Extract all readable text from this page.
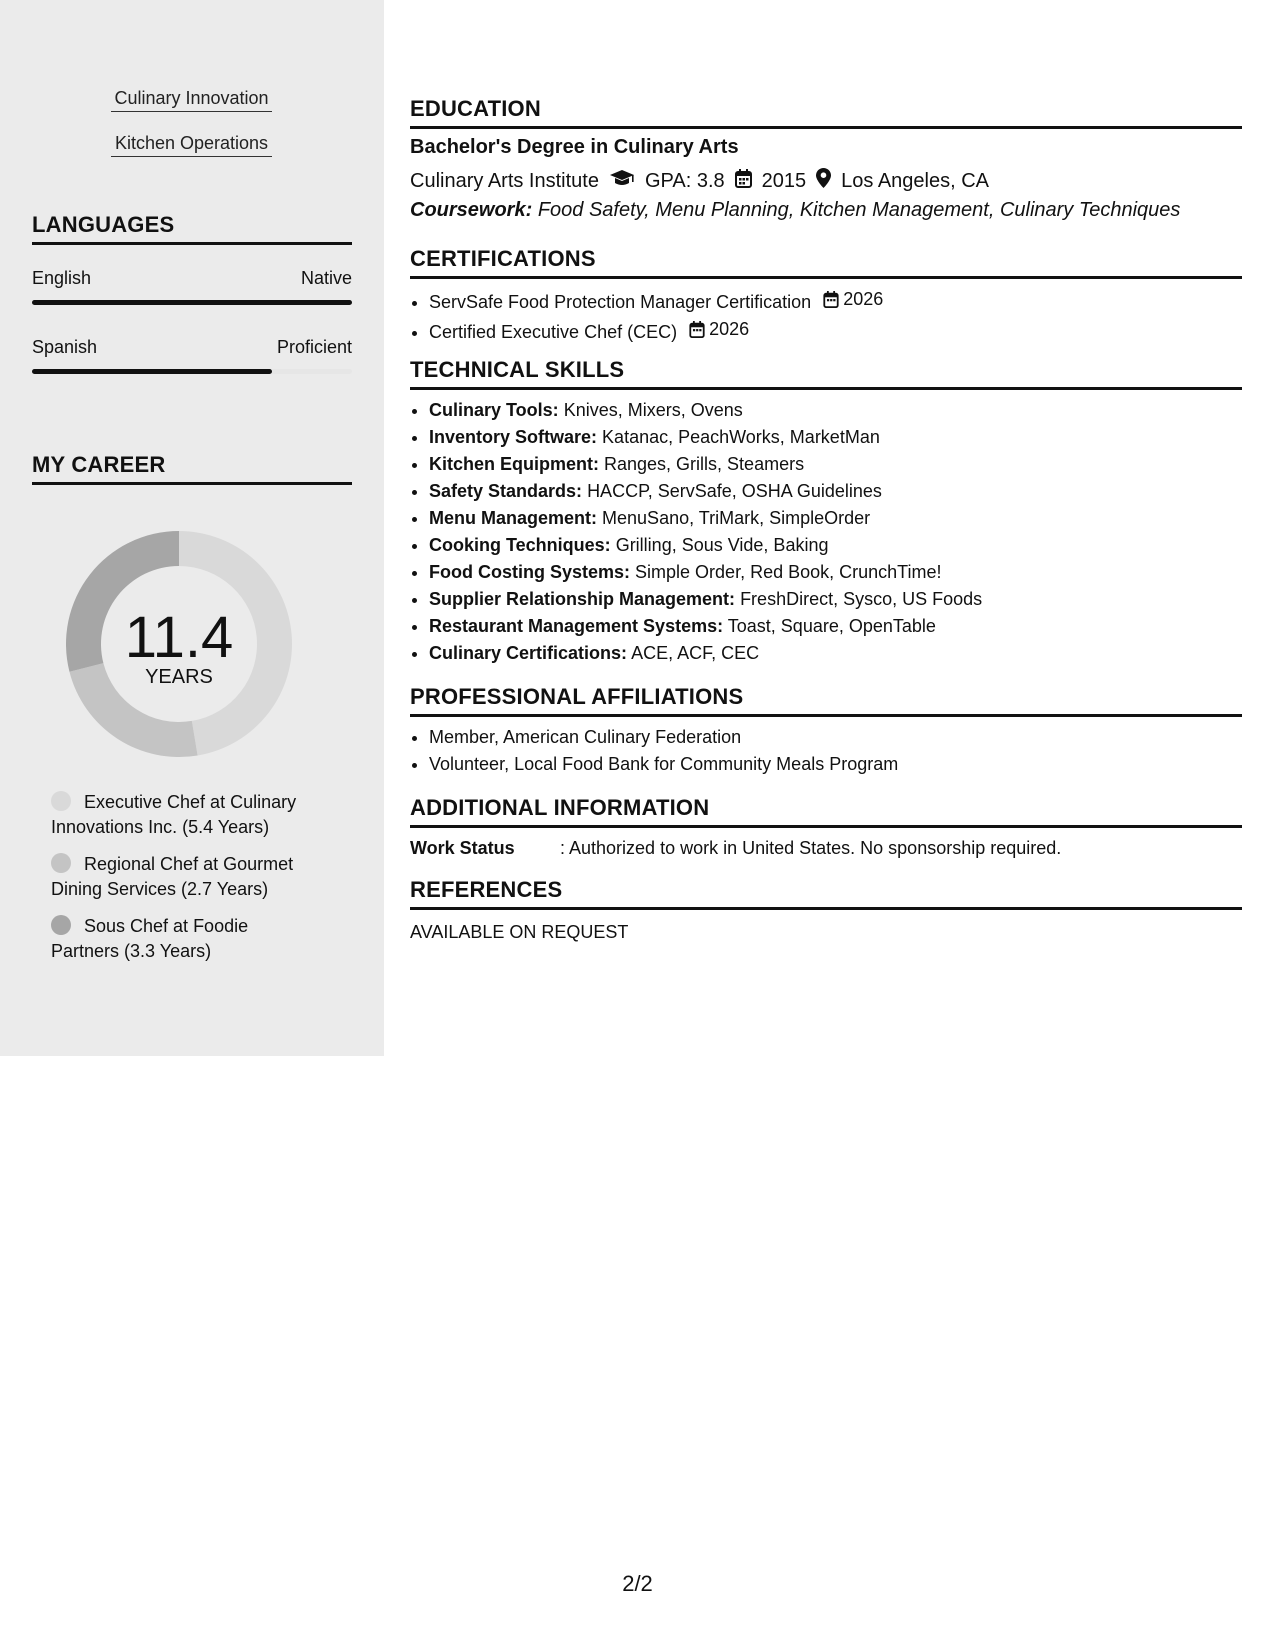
Culinary Innovation
Kitchen Operations
LANGUAGES
English	Native
Spanish	Proficient
MY CAREER
11.4
YEARS
Executive Chef at Culinary Innovations Inc. (5.4 Years)
Regional Chef at Gourmet Dining Services (2.7 Years)
Sous Chef at Foodie Partners (3.3 Years)
EDUCATION
Bachelor's Degree in Culinary Arts
Culinary Arts Institute GPA: 3.8 2015 Los Angeles, CA
Coursework: Food Safety, Menu Planning, Kitchen Management, Culinary Techniques
CERTIFICATIONS
• ServSafe Food Protection Manager Certification 2026
• Certified Executive Chef (CEC) 2026
TECHNICAL SKILLS
• Culinary Tools: Knives, Mixers, Ovens
• Inventory Software: Katanac, PeachWorks, MarketMan
• Kitchen Equipment: Ranges, Grills, Steamers
• Safety Standards: HACCP, ServSafe, OSHA Guidelines
• Menu Management: MenuSano, TriMark, SimpleOrder
• Cooking Techniques: Grilling, Sous Vide, Baking
• Food Costing Systems: Simple Order, Red Book, CrunchTime!
• Supplier Relationship Management: FreshDirect, Sysco, US Foods
• Restaurant Management Systems: Toast, Square, OpenTable
• Culinary Certifications: ACE, ACF, CEC
PROFESSIONAL AFFILIATIONS
• Member, American Culinary Federation
• Volunteer, Local Food Bank for Community Meals Program
ADDITIONAL INFORMATION
Work Status	: Authorized to work in United States. No sponsorship required.
REFERENCES
AVAILABLE ON REQUEST
2/2
